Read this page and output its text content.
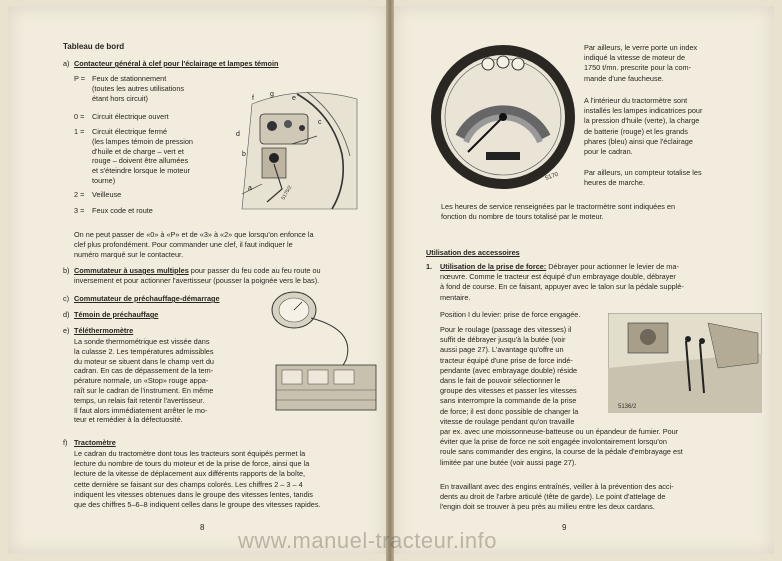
Tableau de bord
a) Contacteur général à clef pour l'éclairage et lampes témoin
P = Feux de stationnement
(toutes les autres utilisations
étant hors circuit)
0 = Circuit électrique ouvert
1 = Circuit électrique fermé
(les lampes témoin de pression
d'huile et de charge – vert et
rouge – doivent être allumées
et s'éteindre lorsque le moteur
tourne)
2 = Veilleuse
3 = Feux code et route
On ne peut passer de «0» à «P» et de «3» à «2» que lorsqu'on enfonce la
clef plus profondément. Pour commander une clef, il faut indiquer le
numéro marqué sur le contacteur.
b) Commutateur à usages multiples pour passer du feu code au feu route ou
inversement et pour actionner l'avertisseur (pousser la poignée vers le bas).
c) Commutateur de préchauffage-démarrage
d) Témoin de préchauffage
e) Téléthermomètre
La sonde thermométrique est vissée dans
la culasse 2. Les températures admissibles
du moteur se situent dans le champ vert du
cadran. En cas de dépassement de la tem-
pérature normale, un «Stop» rouge appa-
raît sur le cadran de l'instrument. En même
temps, un relais fait retentir l'avertisseur.
Il faut alors immédiatement arrêter le mo-
teur et remédier à la défectuosité.
f) Tractomètre
Le cadran du tractomètre dont tous les tracteurs sont équipés permet la
lecture du nombre de tours du moteur et de la prise de force, ainsi que la
lecture de la vitesse de déplacement aux différents rapports de la boîte,
cette dernière se faisant sur des champs colorés. Les chiffres 2 – 3 – 4
indiquent les vitesses obtenues dans le groupe des vitesses lentes, tandis
que des chiffres 5–6–8 indiquent celles dans le groupe des vitesses rapides.
8
a
b
c
d
e
f
g
5175/2
5170
Par ailleurs, le verre porte un index
indiqué la vitesse de moteur de
1750 t/mn. prescrite pour la com-
mande d'une faucheuse.
A l'intérieur du tractormètre sont
installés les lampes indicatrices pour
la pression d'huile (verte), la charge
de batterie (rouge) et les grands
phares (bleu) ainsi que l'éclairage
pour le cadran.
Par ailleurs, un compteur totalise les
heures de marche.
Les heures de service renseignées par le tractormètre sont indiquées en
fonction du nombre de tours totalisé par le moteur.
Utilisation des accessoires
1. Utilisation de la prise de force: Débrayer pour actionner le levier de ma-
nœuvre. Comme le tracteur est équipé d'un embrayage double, débrayer
à fond de course. En ce faisant, appuyer avec le talon sur la pédale supplé-
mentaire.
Position I du levier: prise de force engagée.
Pour le roulage (passage des vitesses) il
suffit de débrayer jusqu'à la butée (voir
aussi page 27). L'avantage qu'offre un
tracteur équipé d'une prise de force indé-
pendante (avec embrayage double) réside
dans le fait de pouvoir sélectionner le
groupe des vitesses et passer les vitesses
sans interrompre la commande de la prise
de force; il est donc possible de changer la
vitesse de roulage pendant qu'on travaille
par ex. avec une moissonneuse-batteuse ou un épandeur de fumier. Pour
éviter que la prise de force ne soit engagée involontairement lorsqu'on
roule sans commander des engins, la course de la pédale d'embrayage est
limitée par une butée (voir aussi page 27).
5136/2
En travaillant avec des engins entraînés, veiller à la prévention des acci-
dents au droit de l'arbre articulé (tête de garde). Le point d'attelage de
l'engin doit se trouver à peu près au milieu entre les deux cardans.
9
www.manuel-tracteur.info
